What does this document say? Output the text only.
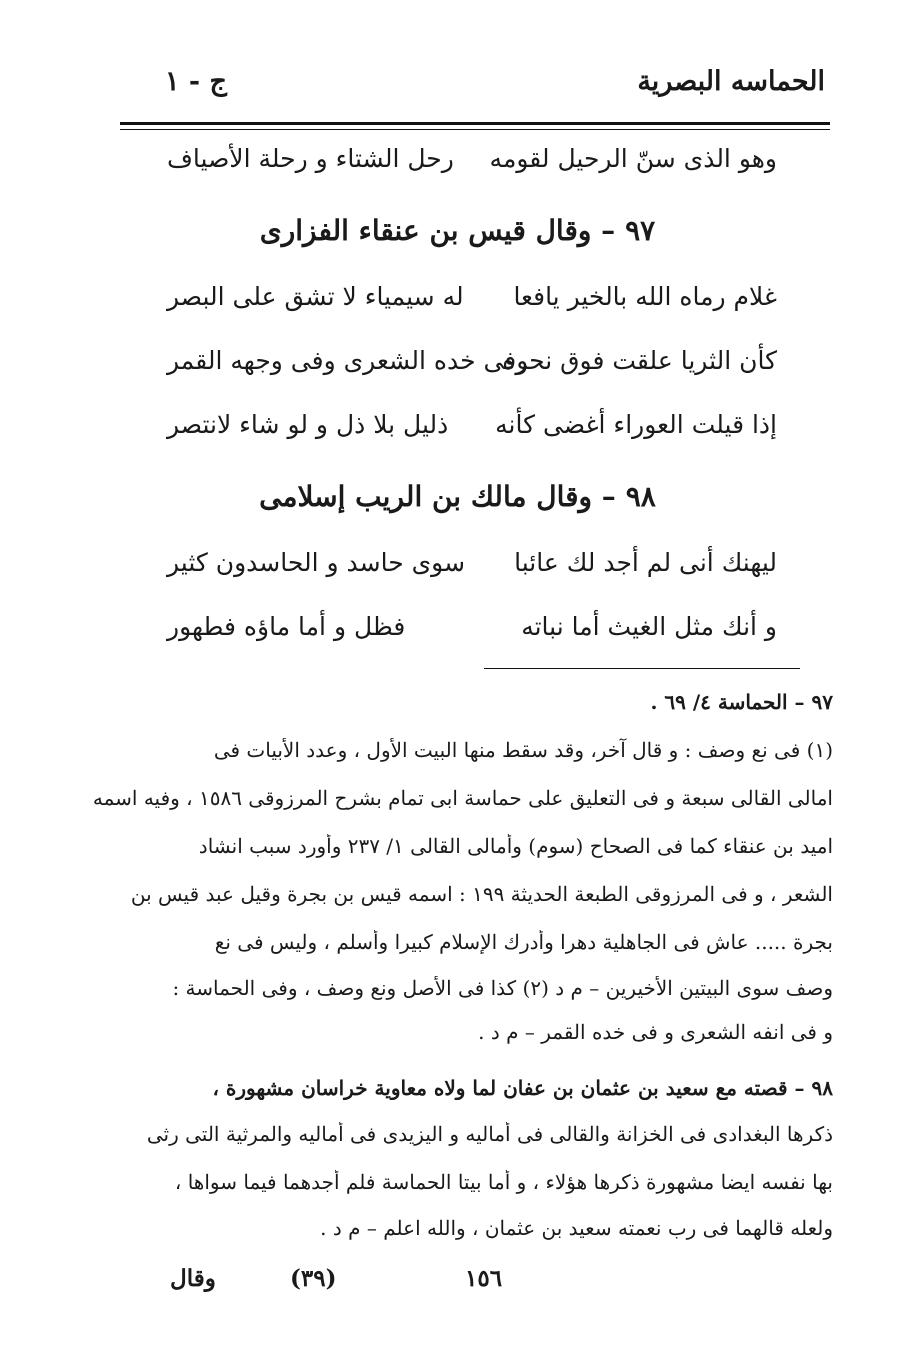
الحماسه البصرية
ج - ١
وهو الذى سنّ الرحيل لقومه
رحل الشتاء و رحلة الأصياف
٩٧– وقال قيس بن عنقاء الفزارى
غلام رماه الله بالخير يافعا
له سيمياء لا تشق على البصر
كأن الثريا علقت فوق نحره
وفى خده الشعرى وفى وجهه القمر
إذا قيلت العوراء أغضى كأنه
ذليل بلا ذل و لو شاء لانتصر
٩٨– وقال مالك بن الريب إسلامى
ليهنك أنى لم أجد لك عائبا
سوى حاسد و الحاسدون كثير
و أنك مثل الغيث أما نباته
فظل و أما ماؤه فطهور
٩٧ – الحماسة ٤/ ٦٩ .
(١) فى نع وصف : و قال آخر، وقد سقط منها البيت الأول ، وعدد الأبيات فى
امالى القالى سبعة و فى التعليق على حماسة ابى تمام بشرح المرزوقى ١٥٨٦ ، وفيه اسمه
اميد بن عنقاء كما فى الصحاح (سوم) وأمالى القالى ١/ ٢٣٧ وأورد سبب انشاد
الشعر ، و فى المرزوقى الطبعة الحديثة ١٩٩ : اسمه قيس بن بجرة وقيل عبد قيس بن
بجرة ..... عاش فى الجاهلية دهرا وأدرك الإسلام كبيرا وأسلم ، وليس فى نع
وصف سوى البيتين الأخيرين – م د (٢) كذا فى الأصل ونع وصف ، وفى الحماسة :
و فى انفه الشعرى و فى خده القمر – م د .
٩٨ – قصته مع سعيد بن عثمان بن عفان لما ولاه معاوية خراسان مشهورة ،
ذكرها البغدادى فى الخزانة والقالى فى أماليه و اليزيدى فى أماليه والمرثية التى رثى
بها نفسه ايضا مشهورة ذكرها هؤلاء ، و أما بيتا الحماسة فلم أجدهما فيما سواها ،
ولعله قالهما فى رب نعمته سعيد بن عثمان ، والله اعلم – م د .
وقال	(٣٩)	١٥٦
